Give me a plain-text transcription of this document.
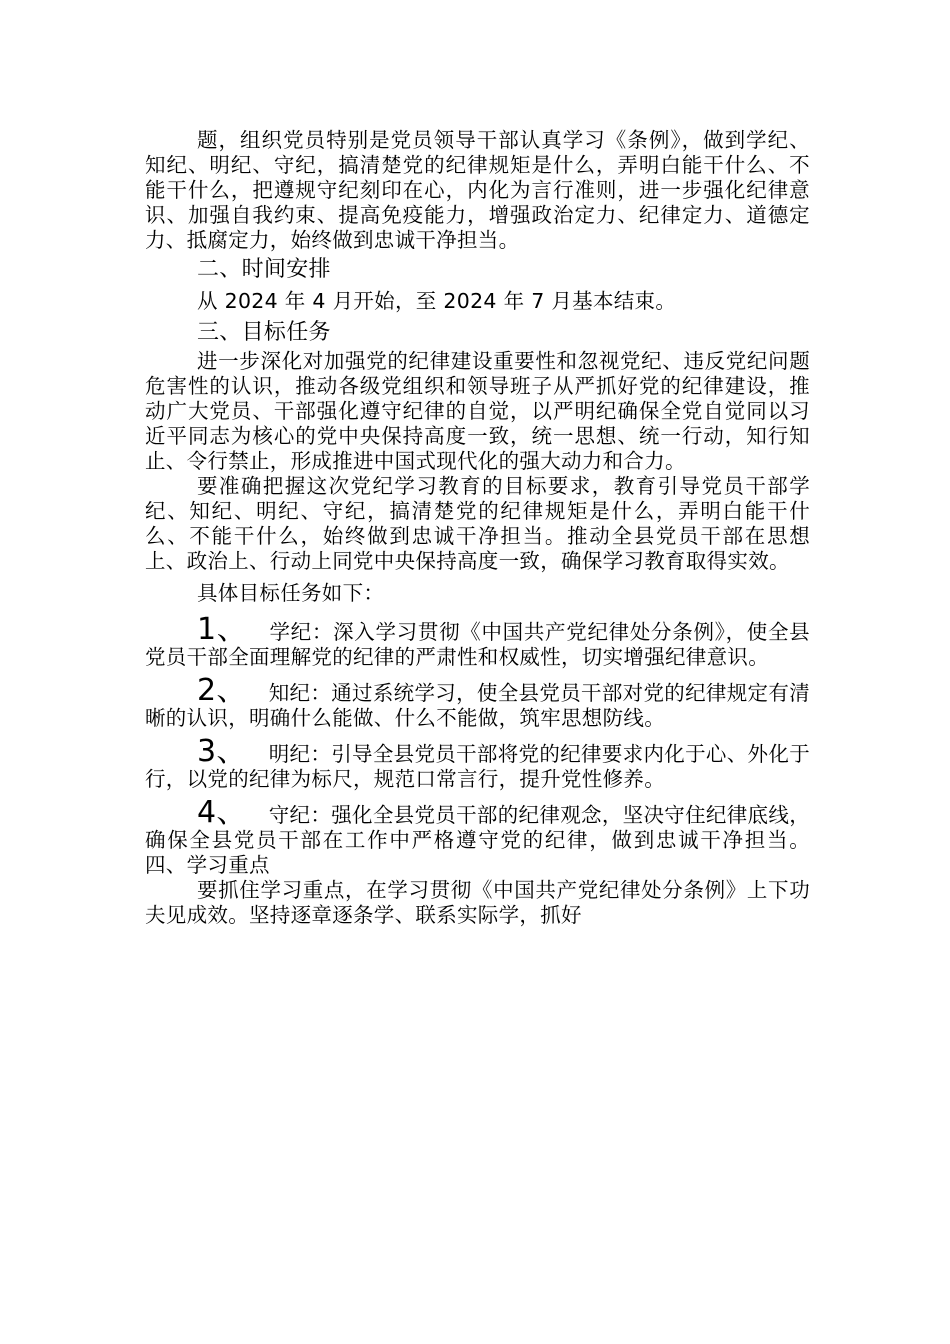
题，组织党员特别是党员领导干部认真学习《条例》，做到学纪、知纪、明纪、守纪，搞清楚党的纪律规矩是什么，弄明白能干什么、不能干什么，把遵规守纪刻印在心，内化为言行准则，进一步强化纪律意识、加强自我约束、提高免疫能力，增强政治定力、纪律定力、道德定力、抵腐定力，始终做到忠诚干净担当。

二、时间安排

从 2024 年 4 月开始，至 2024 年 7 月基本结束。

三、目标任务

进一步深化对加强党的纪律建设重要性和忽视党纪、违反党纪问题危害性的认识，推动各级党组织和领导班子从严抓好党的纪律建设，推动广大党员、干部强化遵守纪律的自觉，以严明纪确保全党自觉同以习近平同志为核心的党中央保持高度一致，统一思想、统一行动，知行知止、令行禁止，形成推进中国式现代化的强大动力和合力。

要准确把握这次党纪学习教育的目标要求，教育引导党员干部学纪、知纪、明纪、守纪，搞清楚党的纪律规矩是什么，弄明白能干什么、不能干什么，始终做到忠诚干净担当。推动全县党员干部在思想上、政治上、行动上同党中央保持高度一致，确保学习教育取得实效。

具体目标任务如下：

1、 学纪：深入学习贯彻《中国共产党纪律处分条例》，使全县党员干部全面理解党的纪律的严肃性和权威性，切实增强纪律意识。

2、 知纪：通过系统学习，使全县党员干部对党的纪律规定有清晰的认识，明确什么能做、什么不能做，筑牢思想防线。

3、 明纪：引导全县党员干部将党的纪律要求内化于心、外化于行，以党的纪律为标尺，规范口常言行，提升党性修养。

4、 守纪：强化全县党员干部的纪律观念，坚决守住纪律底线，确保全县党员干部在工作中严格遵守党的纪律，做到忠诚干净担当。四、学习重点

要抓住学习重点，在学习贯彻《中国共产党纪律处分条例》上下功夫见成效。坚持逐章逐条学、联系实际学，抓好
